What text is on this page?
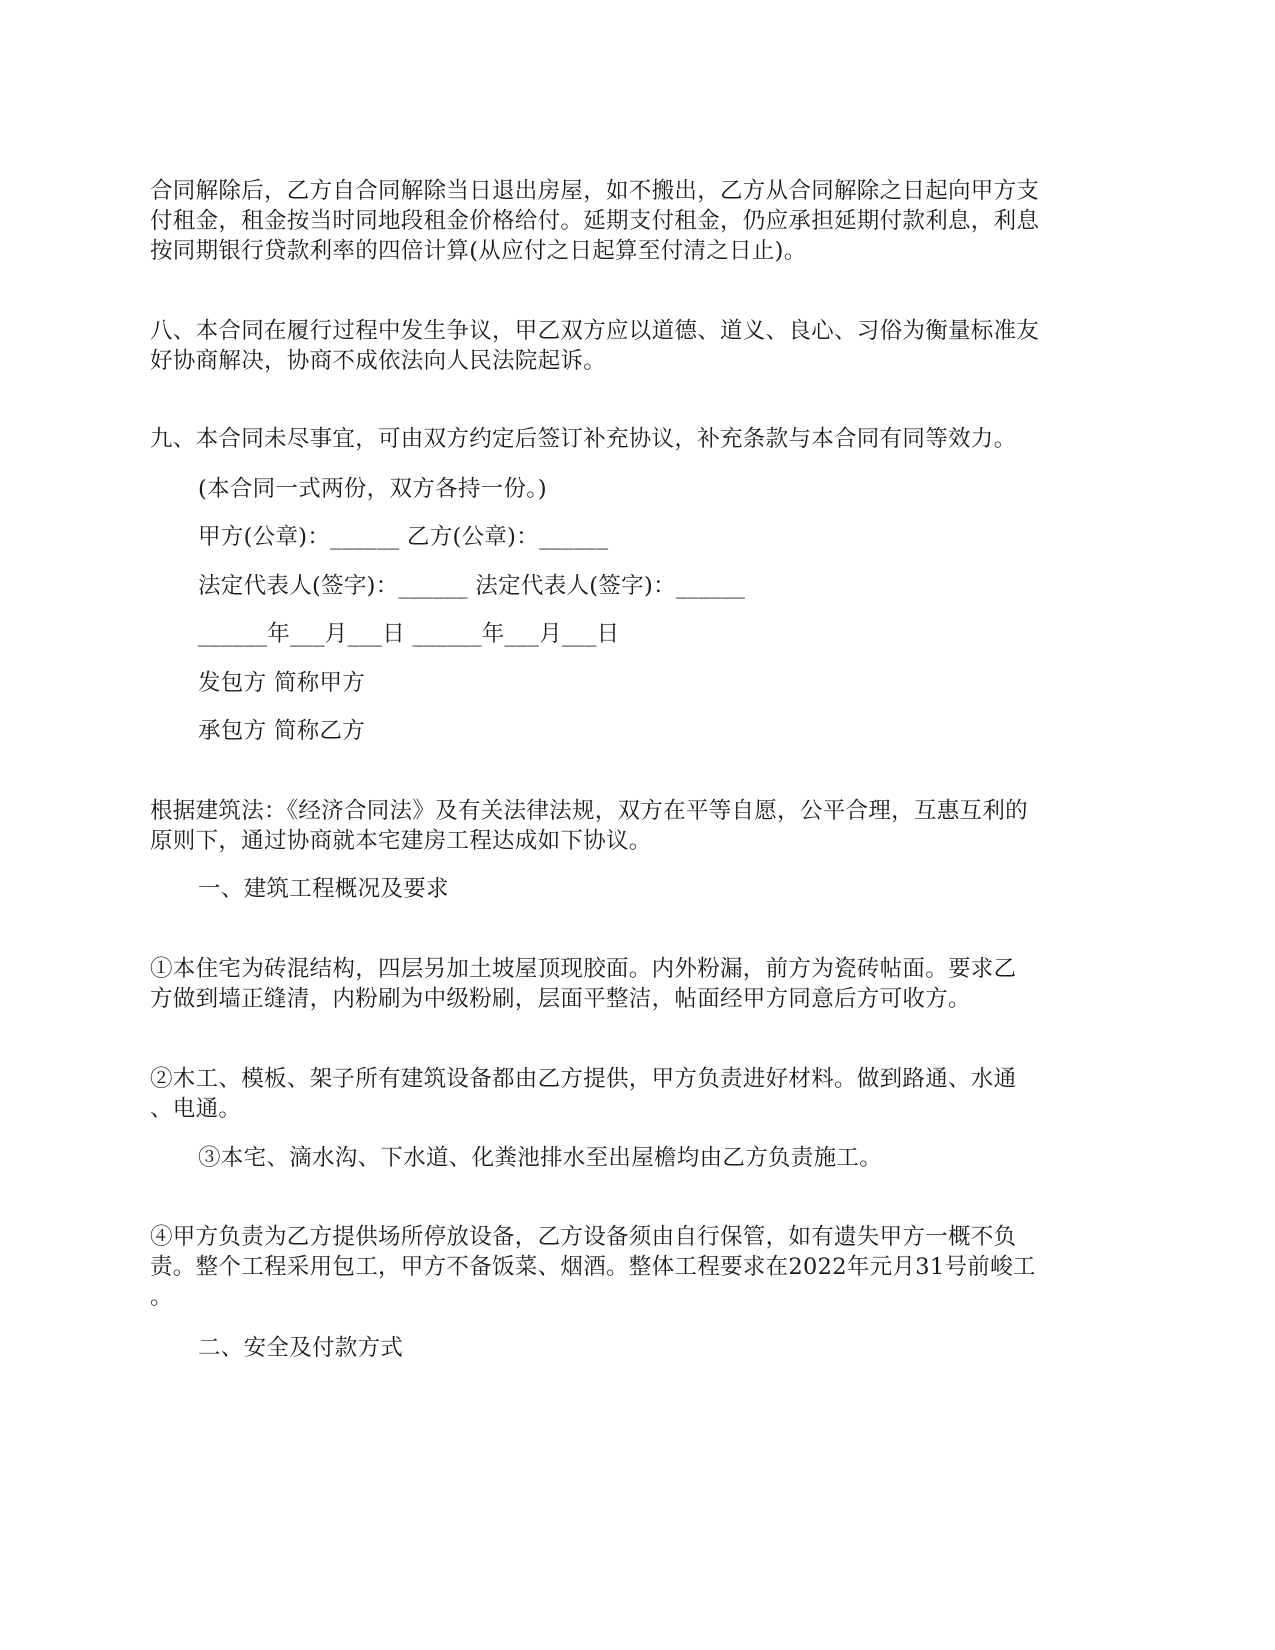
合同解除后，乙方自合同解除当日退出房屋，如不搬出，乙方从合同解除之日起向甲方支
付租金，租金按当时同地段租金价格给付。延期支付租金，仍应承担延期付款利息，利息
按同期银行贷款利率的四倍计算(从应付之日起算至付清之日止)。
八、本合同在履行过程中发生争议，甲乙双方应以道德、道义、良心、习俗为衡量标准友
好协商解决，协商不成依法向人民法院起诉。
九、本合同未尽事宜，可由双方约定后签订补充协议，补充条款与本合同有同等效力。
(本合同一式两份，双方各持一份。)
甲方(公章)：______ 乙方(公章)：______
法定代表人(签字)：______ 法定代表人(签字)：______
______年___月___日 ______年___月___日
发包方 简称甲方
承包方 简称乙方
根据建筑法：《经济合同法》及有关法律法规，双方在平等自愿，公平合理，互惠互利的
原则下，通过协商就本宅建房工程达成如下协议。
一、建筑工程概况及要求
①本住宅为砖混结构，四层另加土坡屋顶现胶面。内外粉漏，前方为瓷砖帖面。要求乙
方做到墙正缝清，内粉刷为中级粉刷，层面平整洁，帖面经甲方同意后方可收方。
②木工、模板、架子所有建筑设备都由乙方提供，甲方负责进好材料。做到路通、水通
、电通。
③本宅、滴水沟、下水道、化粪池排水至出屋檐均由乙方负责施工。
④甲方负责为乙方提供场所停放设备，乙方设备须由自行保管，如有遗失甲方一概不负
责。整个工程采用包工，甲方不备饭菜、烟酒。整体工程要求在2022年元月31号前峻工
。
二、安全及付款方式
